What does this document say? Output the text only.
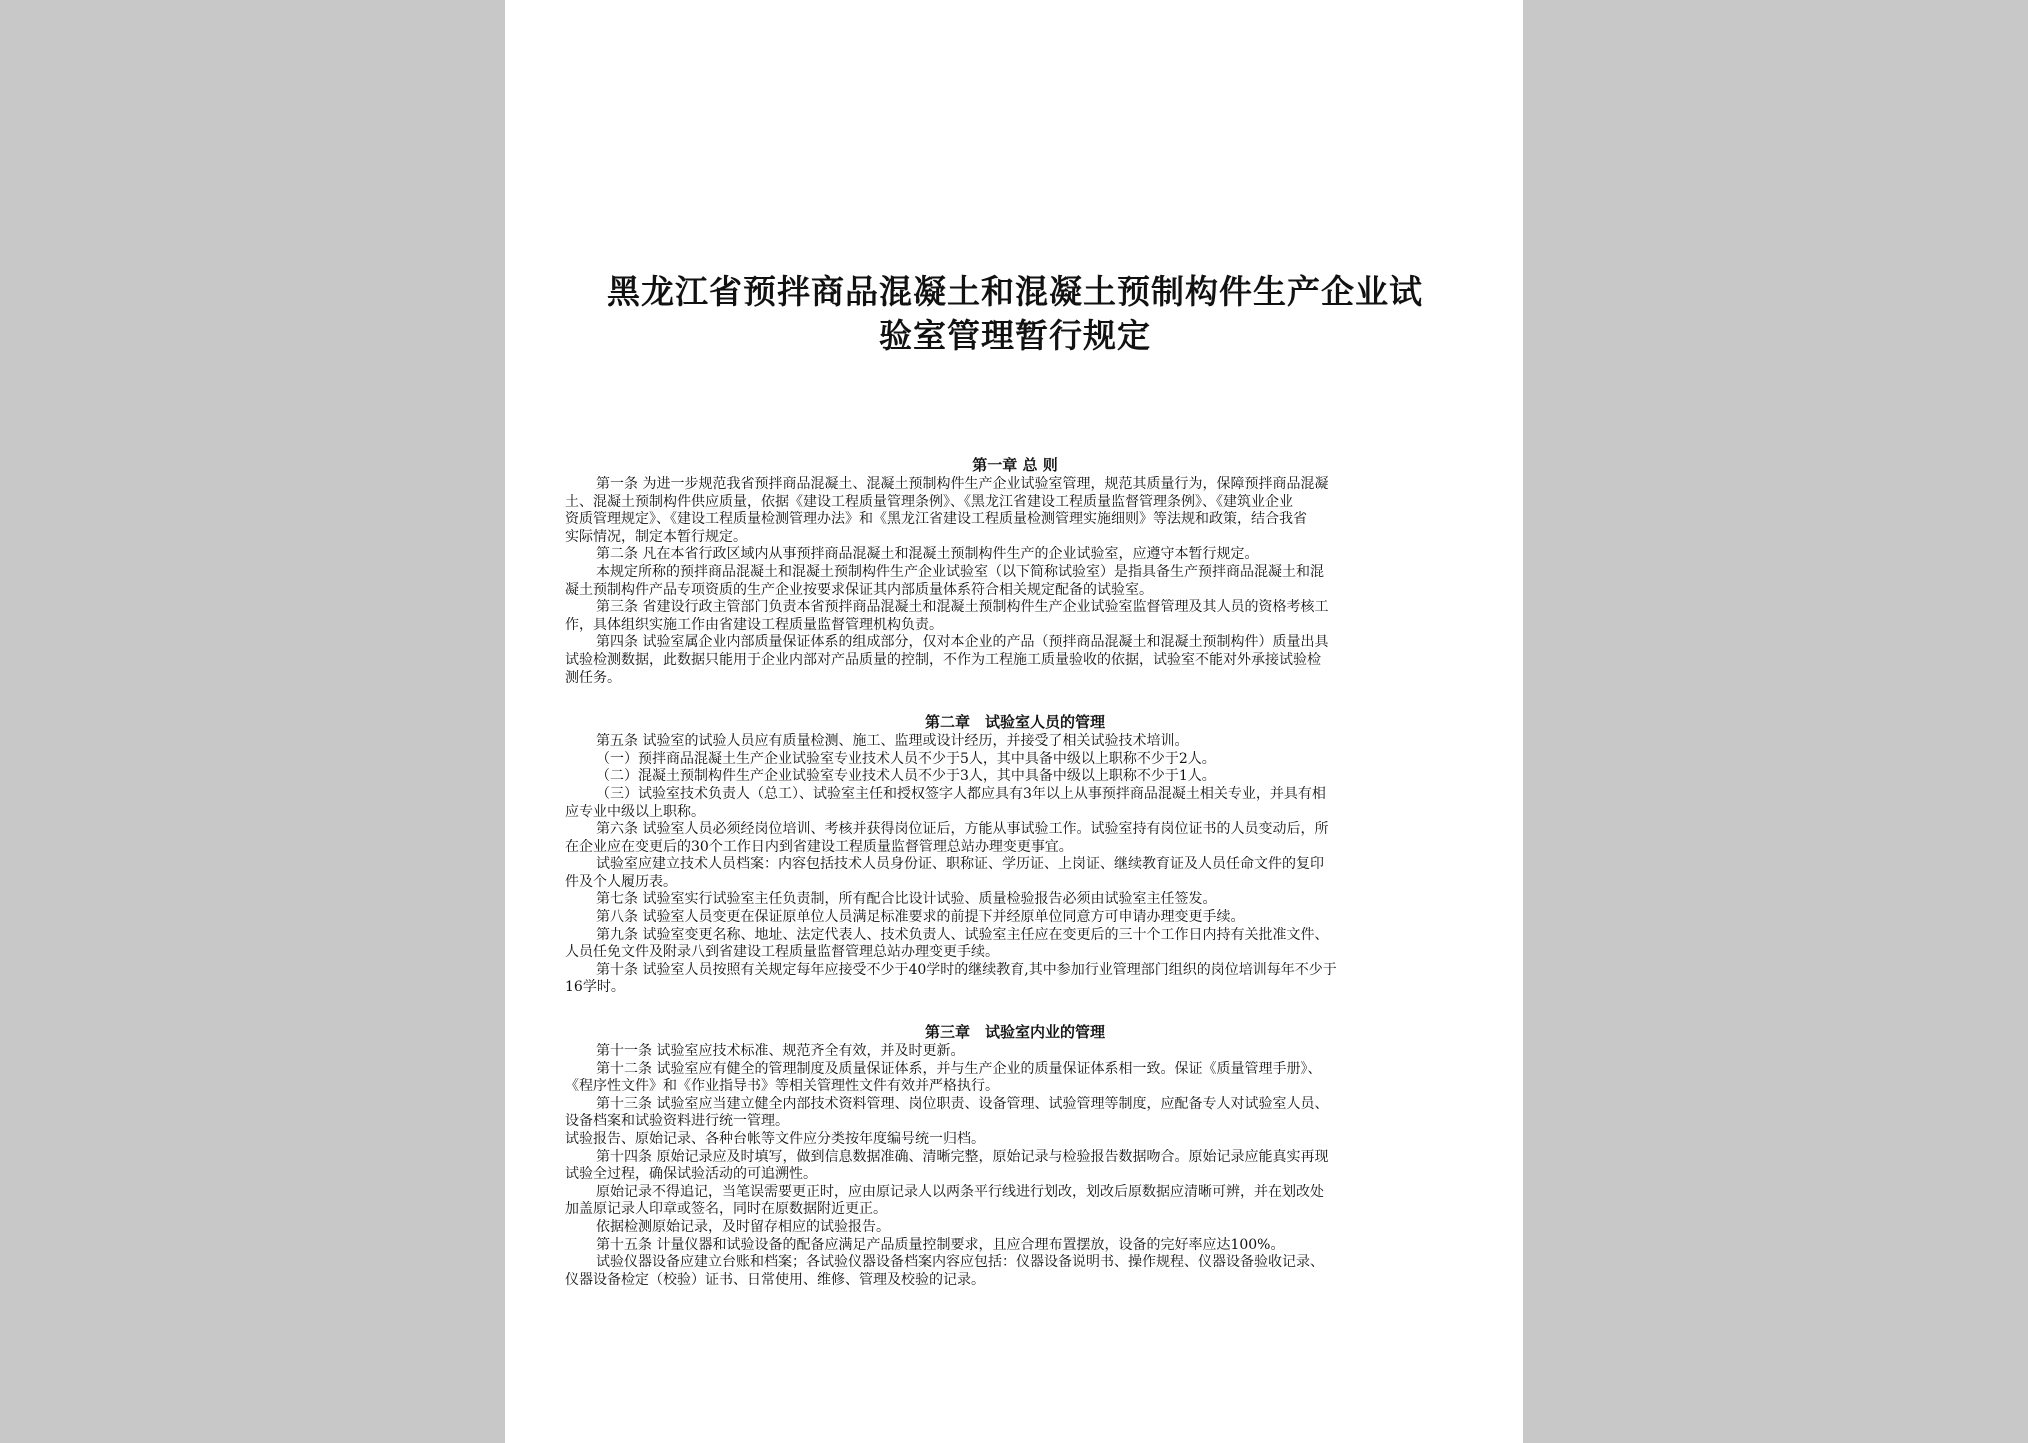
黑龙江省预拌商品混凝土和混凝土预制构件生产企业试
验室管理暂行规定
第一章 总 则
第一条 为进一步规范我省预拌商品混凝土、混凝土预制构件生产企业试验室管理，规范其质量行为，保障预拌商品混凝
土、混凝土预制构件供应质量，依据《建设工程质量管理条例》、《黑龙江省建设工程质量监督管理条例》、《建筑业企业
资质管理规定》、《建设工程质量检测管理办法》和《黑龙江省建设工程质量检测管理实施细则》等法规和政策，结合我省
实际情况，制定本暂行规定。
第二条 凡在本省行政区域内从事预拌商品混凝土和混凝土预制构件生产的企业试验室，应遵守本暂行规定。
本规定所称的预拌商品混凝土和混凝土预制构件生产企业试验室（以下简称试验室）是指具备生产预拌商品混凝土和混
凝土预制构件产品专项资质的生产企业按要求保证其内部质量体系符合相关规定配备的试验室。
第三条 省建设行政主管部门负责本省预拌商品混凝土和混凝土预制构件生产企业试验室监督管理及其人员的资格考核工
作，具体组织实施工作由省建设工程质量监督管理机构负责。
第四条 试验室属企业内部质量保证体系的组成部分，仅对本企业的产品（预拌商品混凝土和混凝土预制构件）质量出具
试验检测数据，此数据只能用于企业内部对产品质量的控制，不作为工程施工质量验收的依据，试验室不能对外承接试验检
测任务。
第二章　试验室人员的管理
第五条 试验室的试验人员应有质量检测、施工、监理或设计经历，并接受了相关试验技术培训。
（一）预拌商品混凝土生产企业试验室专业技术人员不少于5人，其中具备中级以上职称不少于2人。
（二）混凝土预制构件生产企业试验室专业技术人员不少于3人，其中具备中级以上职称不少于1人。
（三）试验室技术负责人（总工）、试验室主任和授权签字人都应具有3年以上从事预拌商品混凝土相关专业，并具有相
应专业中级以上职称。
第六条 试验室人员必须经岗位培训、考核并获得岗位证后，方能从事试验工作。试验室持有岗位证书的人员变动后，所
在企业应在变更后的30个工作日内到省建设工程质量监督管理总站办理变更事宜。
试验室应建立技术人员档案：内容包括技术人员身份证、职称证、学历证、上岗证、继续教育证及人员任命文件的复印
件及个人履历表。
第七条 试验室实行试验室主任负责制，所有配合比设计试验、质量检验报告必须由试验室主任签发。
第八条 试验室人员变更在保证原单位人员满足标准要求的前提下并经原单位同意方可申请办理变更手续。
第九条 试验室变更名称、地址、法定代表人、技术负责人、试验室主任应在变更后的三十个工作日内持有关批准文件、
人员任免文件及附录八到省建设工程质量监督管理总站办理变更手续。
第十条 试验室人员按照有关规定每年应接受不少于40学时的继续教育,其中参加行业管理部门组织的岗位培训每年不少于
16学时。
第三章　试验室内业的管理
第十一条 试验室应技术标准、规范齐全有效，并及时更新。
第十二条 试验室应有健全的管理制度及质量保证体系，并与生产企业的质量保证体系相一致。保证《质量管理手册》、
《程序性文件》和《作业指导书》等相关管理性文件有效并严格执行。
第十三条 试验室应当建立健全内部技术资料管理、岗位职责、设备管理、试验管理等制度，应配备专人对试验室人员、
设备档案和试验资料进行统一管理。
试验报告、原始记录、各种台帐等文件应分类按年度编号统一归档。
第十四条 原始记录应及时填写，做到信息数据准确、清晰完整，原始记录与检验报告数据吻合。原始记录应能真实再现
试验全过程，确保试验活动的可追溯性。
原始记录不得追记，当笔误需要更正时，应由原记录人以两条平行线进行划改，划改后原数据应清晰可辨，并在划改处
加盖原记录人印章或签名，同时在原数据附近更正。
依据检测原始记录，及时留存相应的试验报告。
第十五条 计量仪器和试验设备的配备应满足产品质量控制要求，且应合理布置摆放，设备的完好率应达100%。
试验仪器设备应建立台账和档案；各试验仪器设备档案内容应包括：仪器设备说明书、操作规程、仪器设备验收记录、
仪器设备检定（校验）证书、日常使用、维修、管理及校验的记录。
